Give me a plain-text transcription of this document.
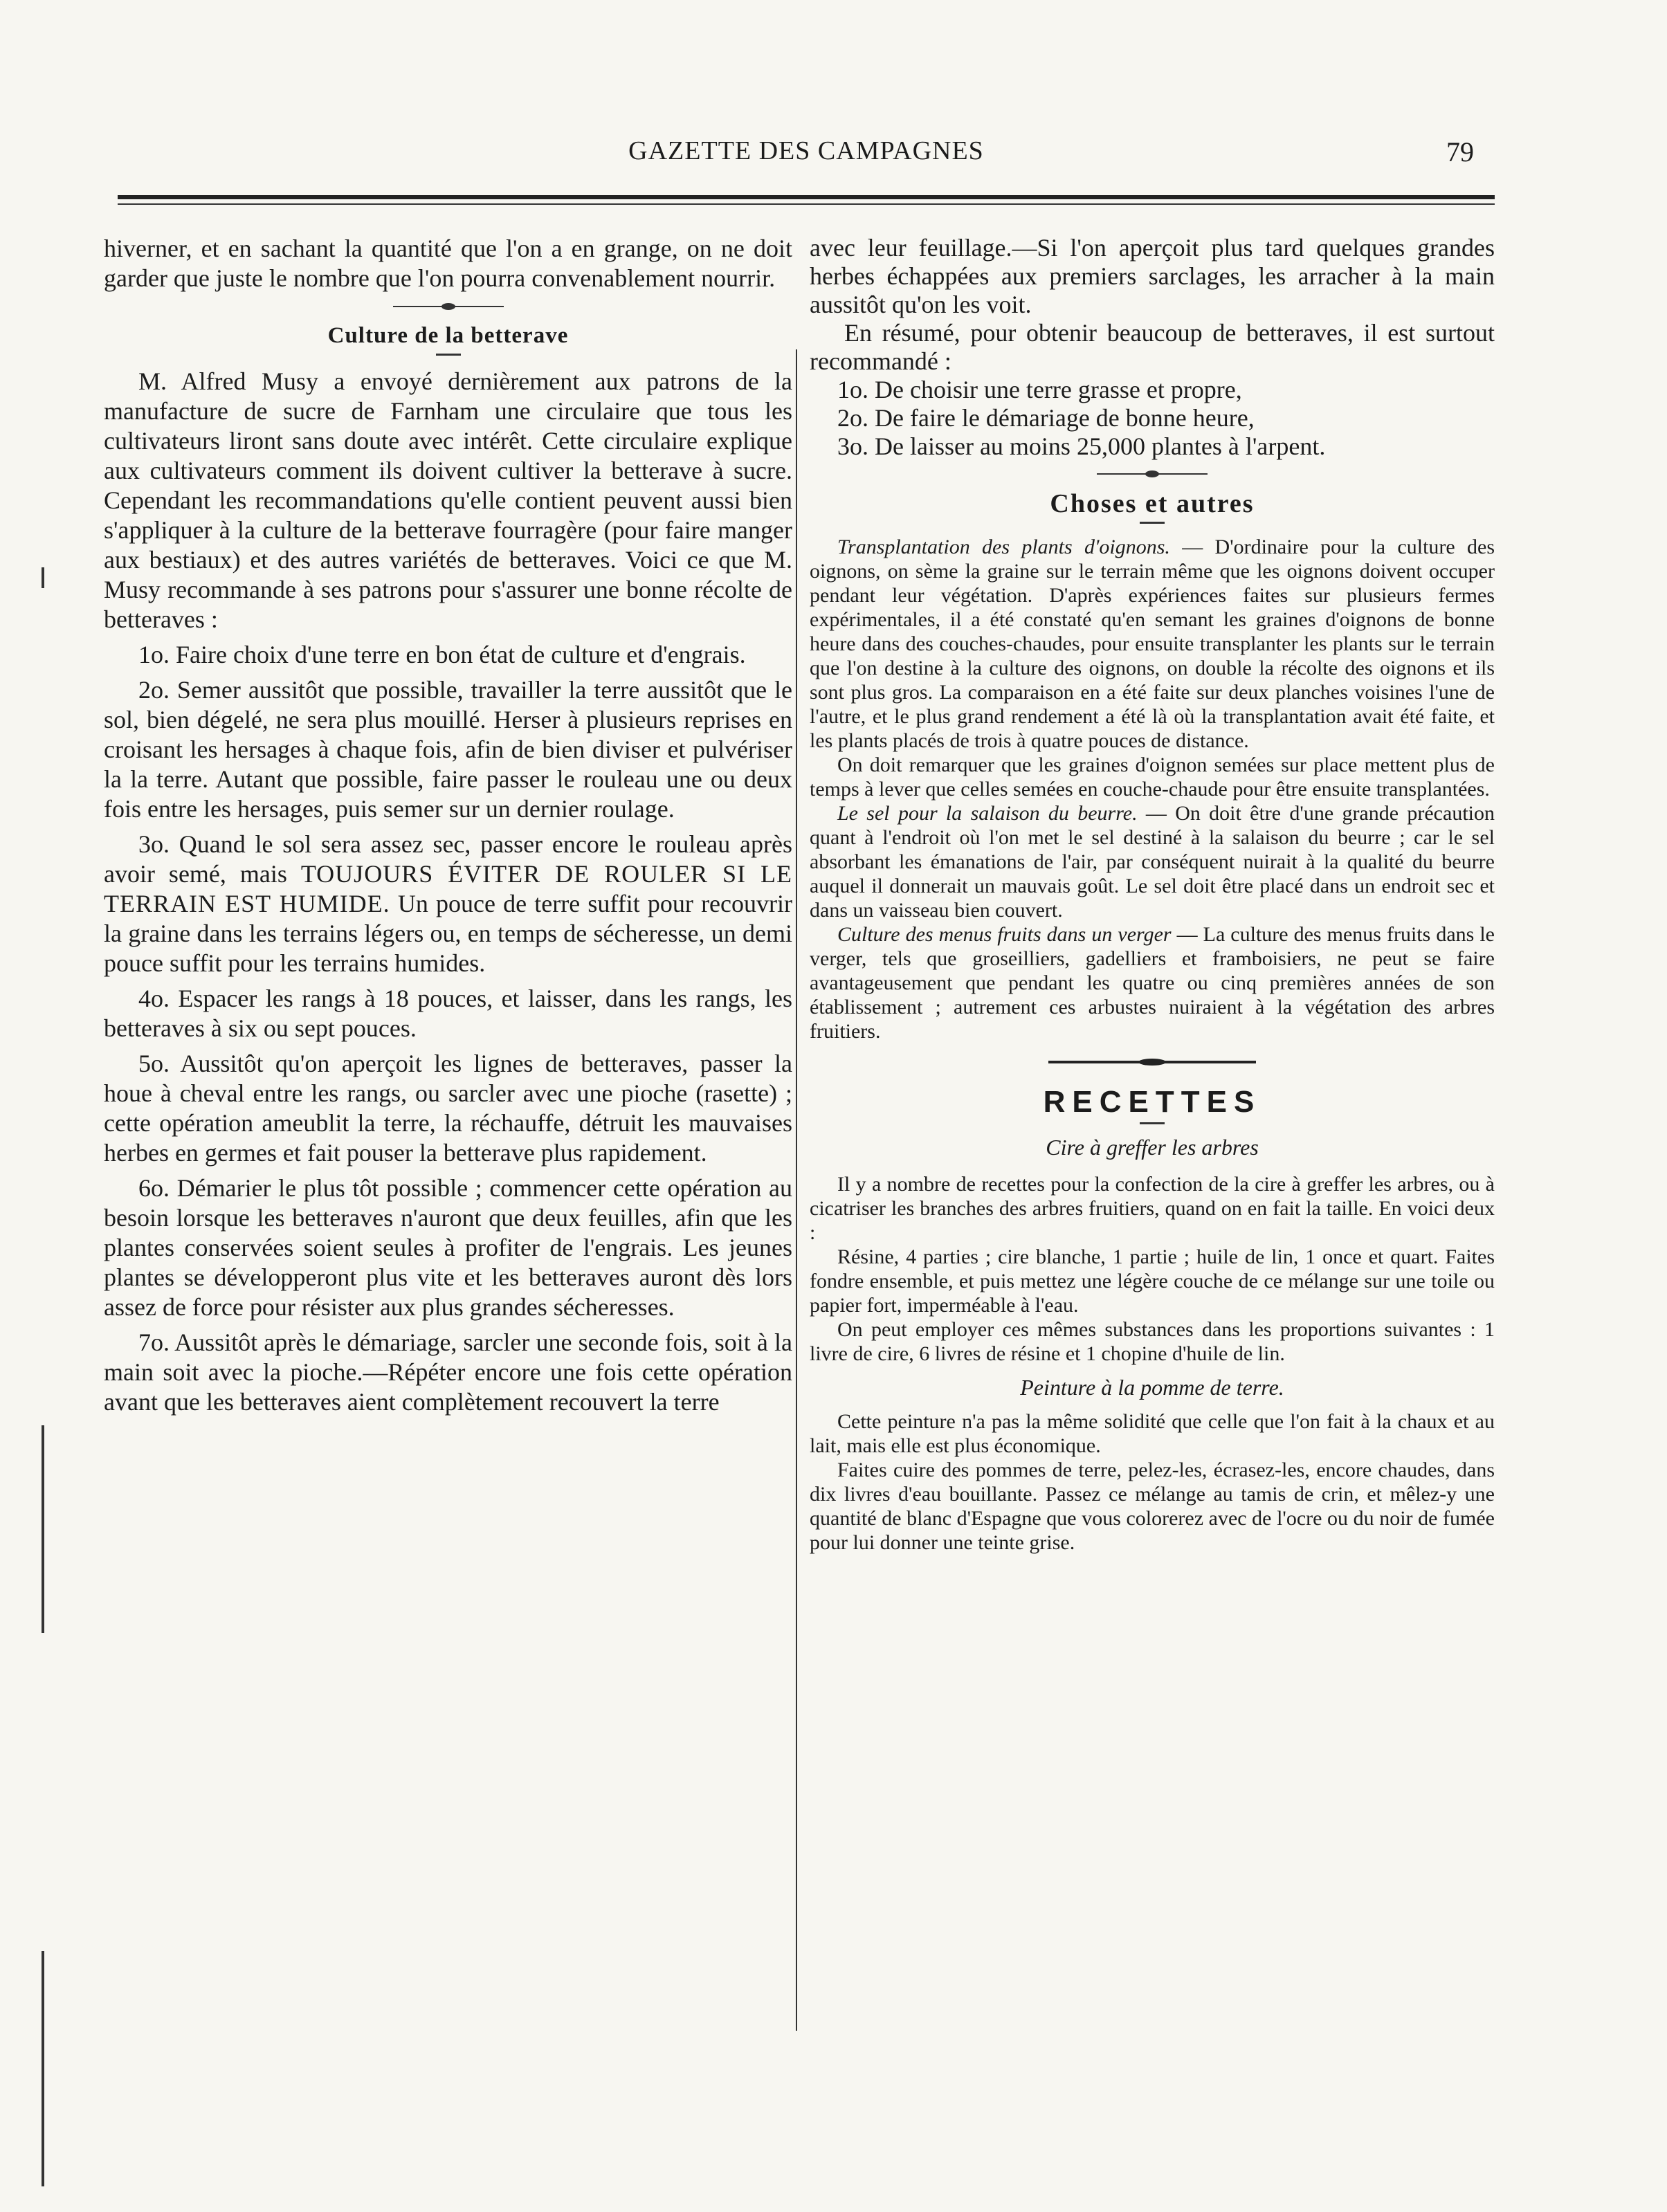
GAZETTE DES CAMPAGNES	79

hiverner, et en sachant la quantité que l'on a en grange, on ne doit garder que juste le nombre que l'on pourra convenablement nourrir.

Culture de la betterave

M. Alfred Musy a envoyé dernièrement aux patrons de la manufacture de sucre de Farnham une circulaire que tous les cultivateurs liront sans doute avec intérêt. Cette circulaire explique aux cultivateurs comment ils doivent cultiver la betterave à sucre. Cependant les recommandations qu'elle contient peuvent aussi bien s'appliquer à la culture de la betterave fourragère (pour faire manger aux bestiaux) et des autres variétés de betteraves. Voici ce que M. Musy recommande à ses patrons pour s'assurer une bonne récolte de betteraves :

1o. Faire choix d'une terre en bon état de culture et d'engrais.

2o. Semer aussitôt que possible, travailler la terre aussitôt que le sol, bien dégelé, ne sera plus mouillé. Herser à plusieurs reprises en croisant les hersages à chaque fois, afin de bien diviser et pulvériser la la terre. Autant que possible, faire passer le rouleau une ou deux fois entre les hersages, puis semer sur un dernier roulage.

3o. Quand le sol sera assez sec, passer encore le rouleau après avoir semé, mais TOUJOURS ÉVITER DE ROULER SI LE TERRAIN EST HUMIDE. Un pouce de terre suffit pour recouvrir la graine dans les terrains légers ou, en temps de sécheresse, un demi pouce suffit pour les terrains humides.

4o. Espacer les rangs à 18 pouces, et laisser, dans les rangs, les betteraves à six ou sept pouces.

5o. Aussitôt qu'on aperçoit les lignes de betteraves, passer la houe à cheval entre les rangs, ou sarcler avec une pioche (rasette) ; cette opération ameublit la terre, la réchauffe, détruit les mauvaises herbes en germes et fait pouser la betterave plus rapidement.

6o. Démarier le plus tôt possible ; commencer cette opération au besoin lorsque les betteraves n'auront que deux feuilles, afin que les plantes conservées soient seules à profiter de l'engrais. Les jeunes plantes se développeront plus vite et les betteraves auront dès lors assez de force pour résister aux plus grandes sécheresses.

7o. Aussitôt après le démariage, sarcler une seconde fois, soit à la main soit avec la pioche.—Répéter encore une fois cette opération avant que les betteraves aient complètement recouvert la terre

avec leur feuillage.—Si l'on aperçoit plus tard quelques grandes herbes échappées aux premiers sarclages, les arracher à la main aussitôt qu'on les voit.

En résumé, pour obtenir beaucoup de betteraves, il est surtout recommandé :

1o. De choisir une terre grasse et propre,

2o. De faire le démariage de bonne heure,

3o. De laisser au moins 25,000 plantes à l'arpent.

Choses et autres

Transplantation des plants d'oignons. — D'ordinaire pour la culture des oignons, on sème la graine sur le terrain même que les oignons doivent occuper pendant leur végétation. D'après expériences faites sur plusieurs fermes expérimentales, il a été constaté qu'en semant les graines d'oignons de bonne heure dans des couches-chaudes, pour ensuite transplanter les plants sur le terrain que l'on destine à la culture des oignons, on double la récolte des oignons et ils sont plus gros. La comparaison en a été faite sur deux planches voisines l'une de l'autre, et le plus grand rendement a été là où la transplantation avait été faite, et les plants placés de trois à quatre pouces de distance.

On doit remarquer que les graines d'oignon semées sur place mettent plus de temps à lever que celles semées en couche-chaude pour être ensuite transplantées.

Le sel pour la salaison du beurre. — On doit être d'une grande précaution quant à l'endroit où l'on met le sel destiné à la salaison du beurre ; car le sel absorbant les émanations de l'air, par conséquent nuirait à la qualité du beurre auquel il donnerait un mauvais goût. Le sel doit être placé dans un endroit sec et dans un vaisseau bien couvert.

Culture des menus fruits dans un verger — La culture des menus fruits dans le verger, tels que groseilliers, gadelliers et framboisiers, ne peut se faire avantageusement que pendant les quatre ou cinq premières années de son établissement ; autrement ces arbustes nuiraient à la végétation des arbres fruitiers.

RECETTES

Cire à greffer les arbres

Il y a nombre de recettes pour la confection de la cire à greffer les arbres, ou à cicatriser les branches des arbres fruitiers, quand on en fait la taille. En voici deux :

Résine, 4 parties ; cire blanche, 1 partie ; huile de lin, 1 once et quart. Faites fondre ensemble, et puis mettez une légère couche de ce mélange sur une toile ou papier fort, imperméable à l'eau.

On peut employer ces mêmes substances dans les proportions suivantes : 1 livre de cire, 6 livres de résine et 1 chopine d'huile de lin.

Peinture à la pomme de terre.

Cette peinture n'a pas la même solidité que celle que l'on fait à la chaux et au lait, mais elle est plus économique.

Faites cuire des pommes de terre, pelez-les, écrasez-les, encore chaudes, dans dix livres d'eau bouillante. Passez ce mélange au tamis de crin, et mêlez-y une quantité de blanc d'Espagne que vous colorerez avec de l'ocre ou du noir de fumée pour lui donner une teinte grise.
